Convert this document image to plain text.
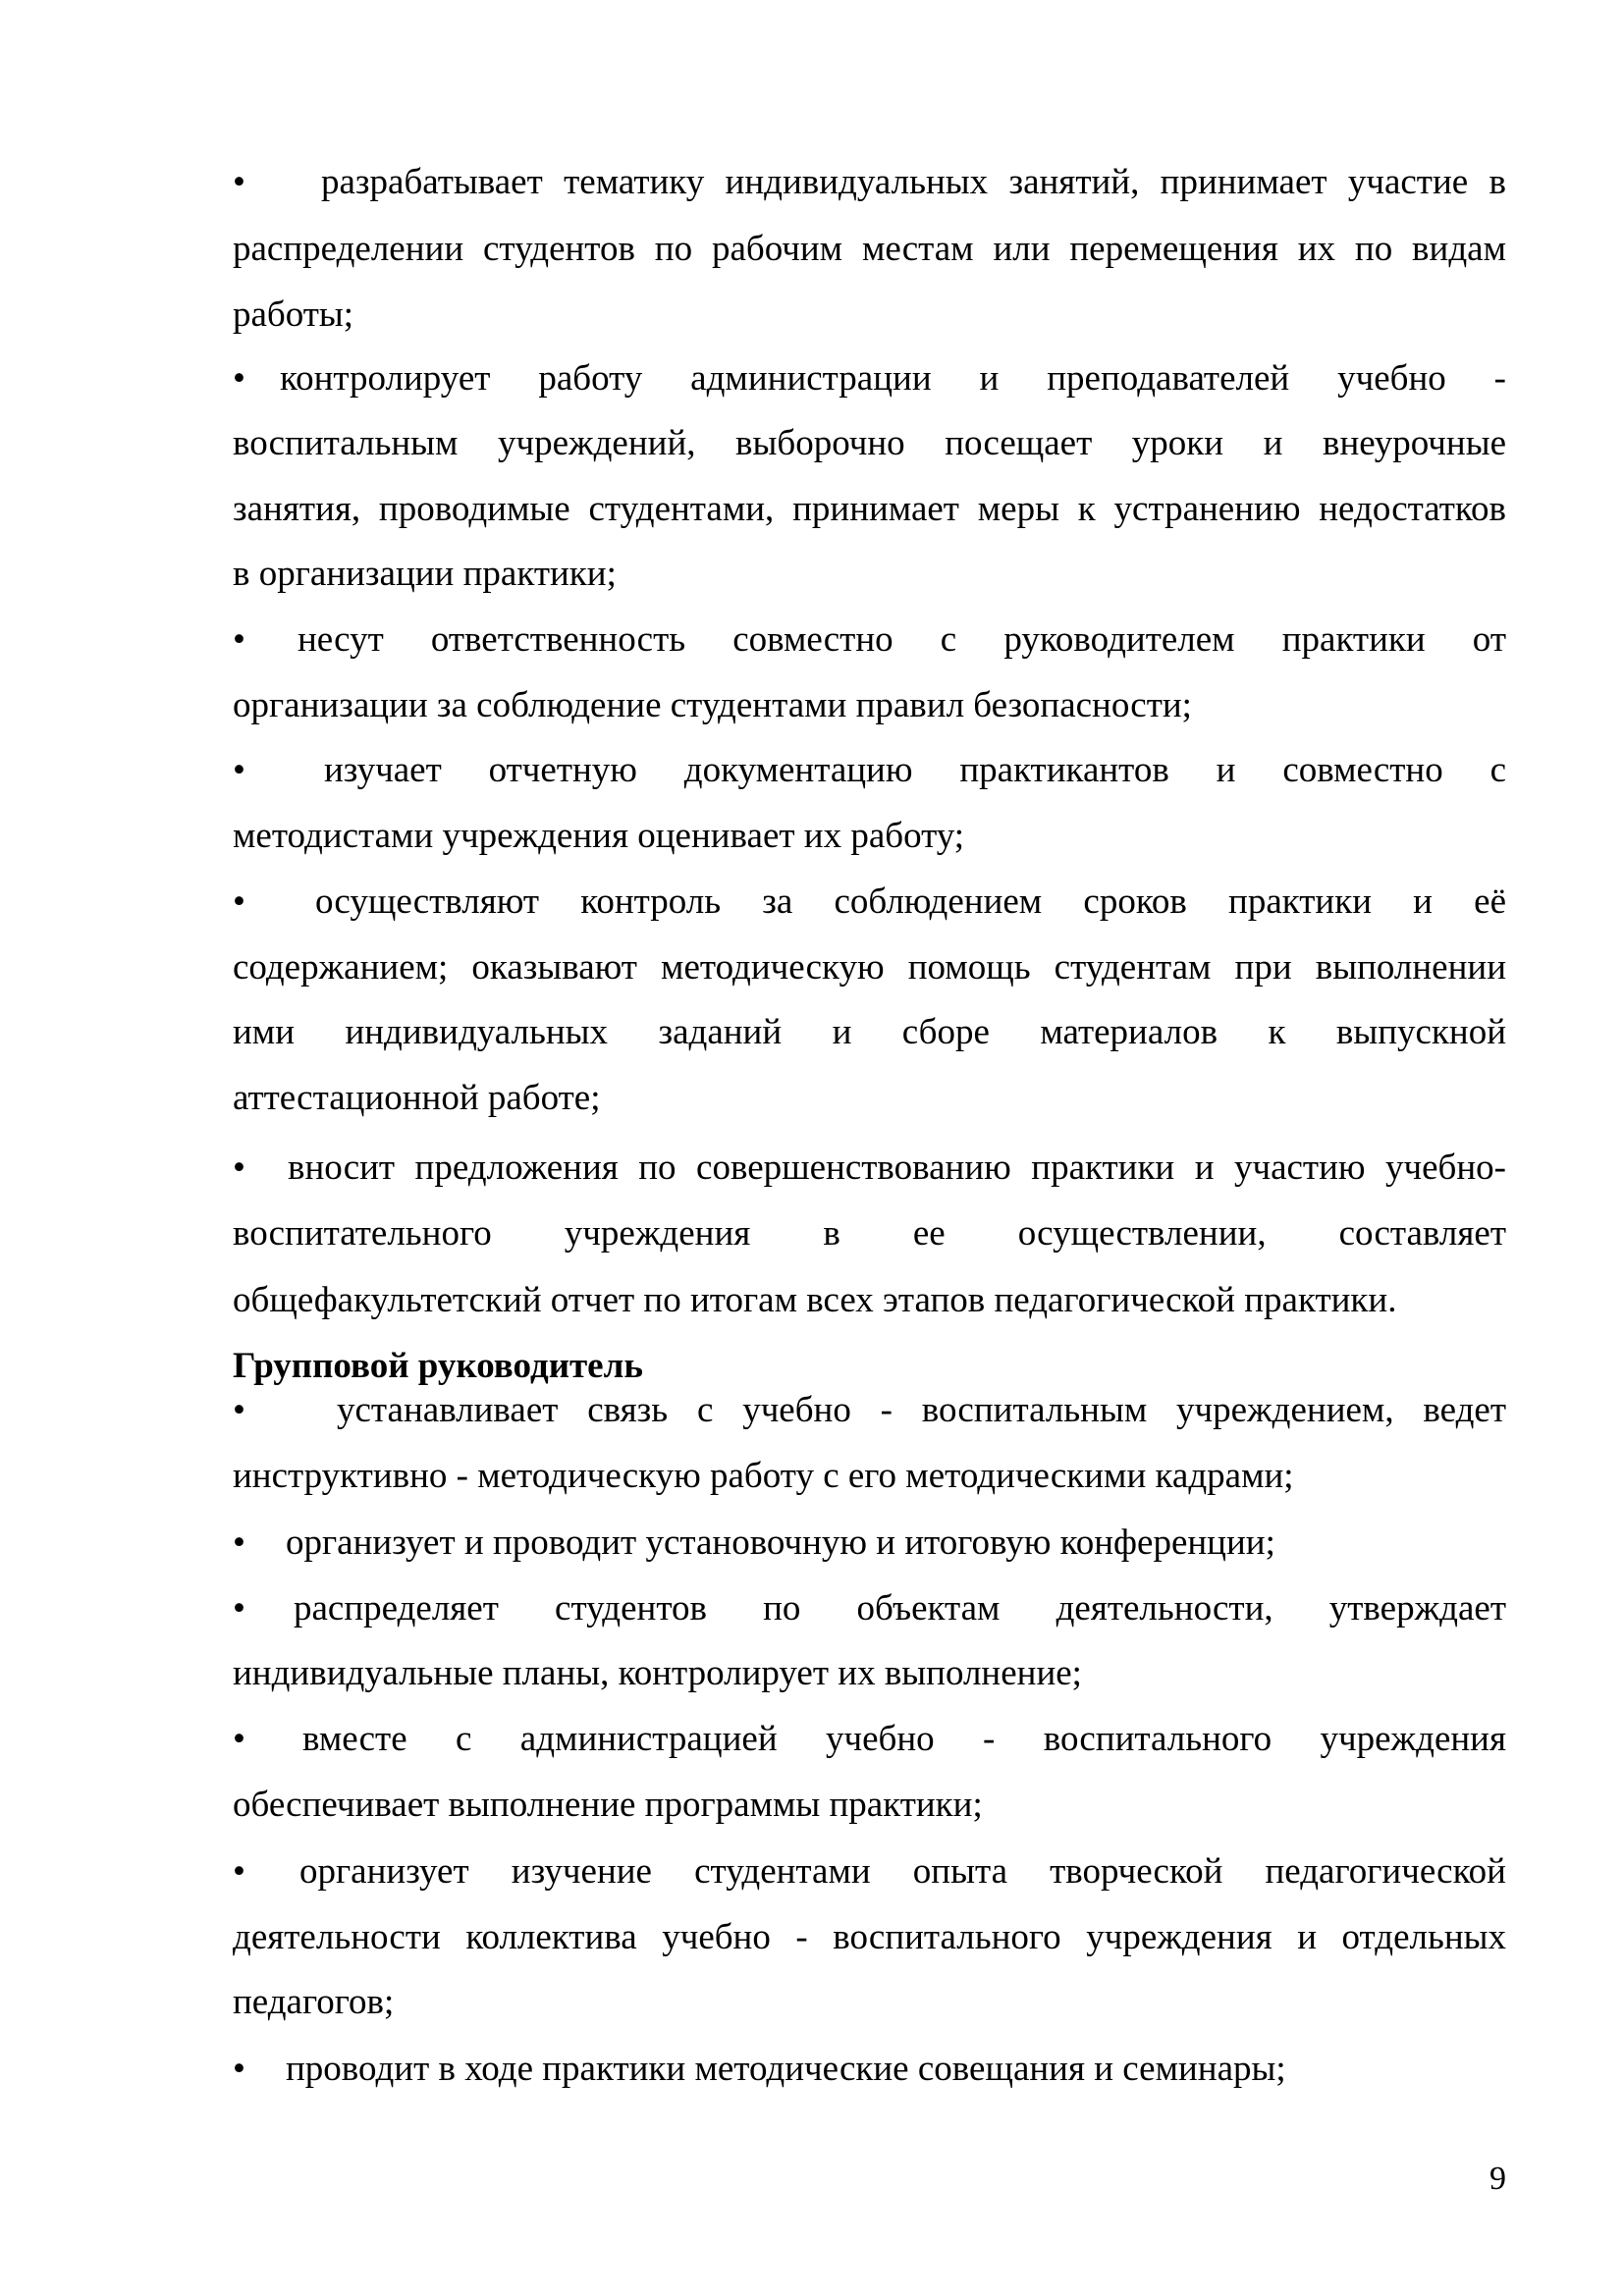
•	разрабатывает тематику индивидуальных занятий, принимает участие в
распределении студентов по рабочим местам или перемещения их по видам
работы;
• контролирует работу администрации и преподавателей учебно -
воспитальным учреждений, выборочно посещает уроки и внеурочные
занятия, проводимые студентами, принимает меры к устранению недостатков
в организации практики;
•	несут ответственность совместно с руководителем практики от
организации за соблюдение студентами правил безопасности;
•	изучает отчетную документацию практикантов и совместно с
методистами учреждения оценивает их работу;
•	осуществляют контроль за соблюдением сроков практики и её
содержанием; оказывают методическую помощь студентам при выполнении
ими индивидуальных заданий и сборе материалов к выпускной
аттестационной работе;
•	вносит предложения по совершенствованию практики и участию учебно-
воспитательного учреждения в ее осуществлении, составляет
общефакультетский отчет по итогам всех этапов педагогической практики.
Групповой руководитель
•	устанавливает связь с учебно - воспитальным учреждением, ведет
инструктивно - методическую работу с его методическими кадрами;
•	организует и проводит установочную и итоговую конференции;
•	распределяет студентов по объектам деятельности, утверждает
индивидуальные планы, контролирует их выполнение;
•	вместе с администрацией учебно - воспитального учреждения
обеспечивает выполнение программы практики;
•	организует изучение студентами опыта творческой педагогической
деятельности коллектива учебно - воспитального учреждения и отдельных
педагогов;
•	проводит в ходе практики методические совещания и семинары;
9
